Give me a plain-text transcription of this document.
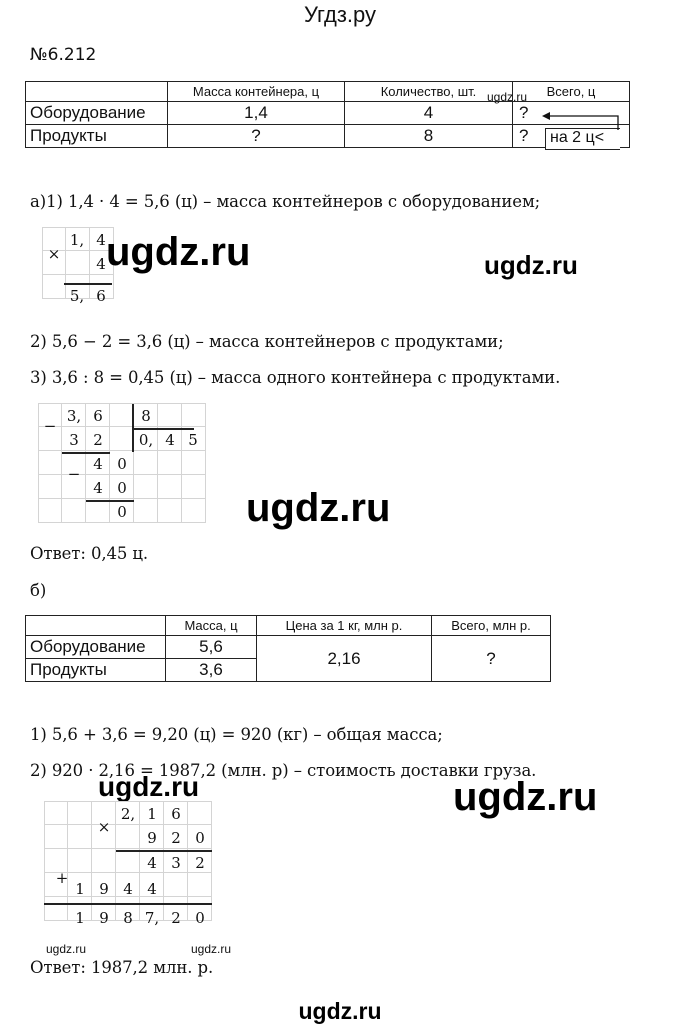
Угдз.ру
№6.212
	Масса контейнера, ц	Количество, шт.	Всего, ц
Оборудование	1,4	4	?
Продукты	?	8	? на 2 ц<
ugdz.ru
а)1) 1,4 · 4 = 5,6 (ц) – масса контейнеров с оборудованием;
×
1, 4
4
5, 6
ugdz.ru	ugdz.ru
2) 5,6 − 2 = 3,6 (ц) – масса контейнеров с продуктами;
3) 3,6 : 8 = 0,45 (ц) – масса одного контейнера с продуктами.
−
3, 6	8
3 2	0, 4 5
−
4 0
4 0
0	ugdz.ru
Ответ: 0,45 ц.
б)
	Масса, ц	Цена за 1 кг, млн р.	Всего, млн р.
Оборудование	5,6	2,16	?
Продукты	3,6		
1) 5,6 + 3,6 = 9,20 (ц) = 920 (кг) – общая масса;
2) 920 · 2,16 = 1987,2 (млн. р) – стоимость доставки груза.
ugdz.ru	ugdz.ru
×
2, 1 6
9 2 0
4 3 2
+
1 9 4 4
1 9 8 7, 2 0
ugdz.ru	ugdz.ru
Ответ: 1987,2 млн. р.
ugdz.ru
